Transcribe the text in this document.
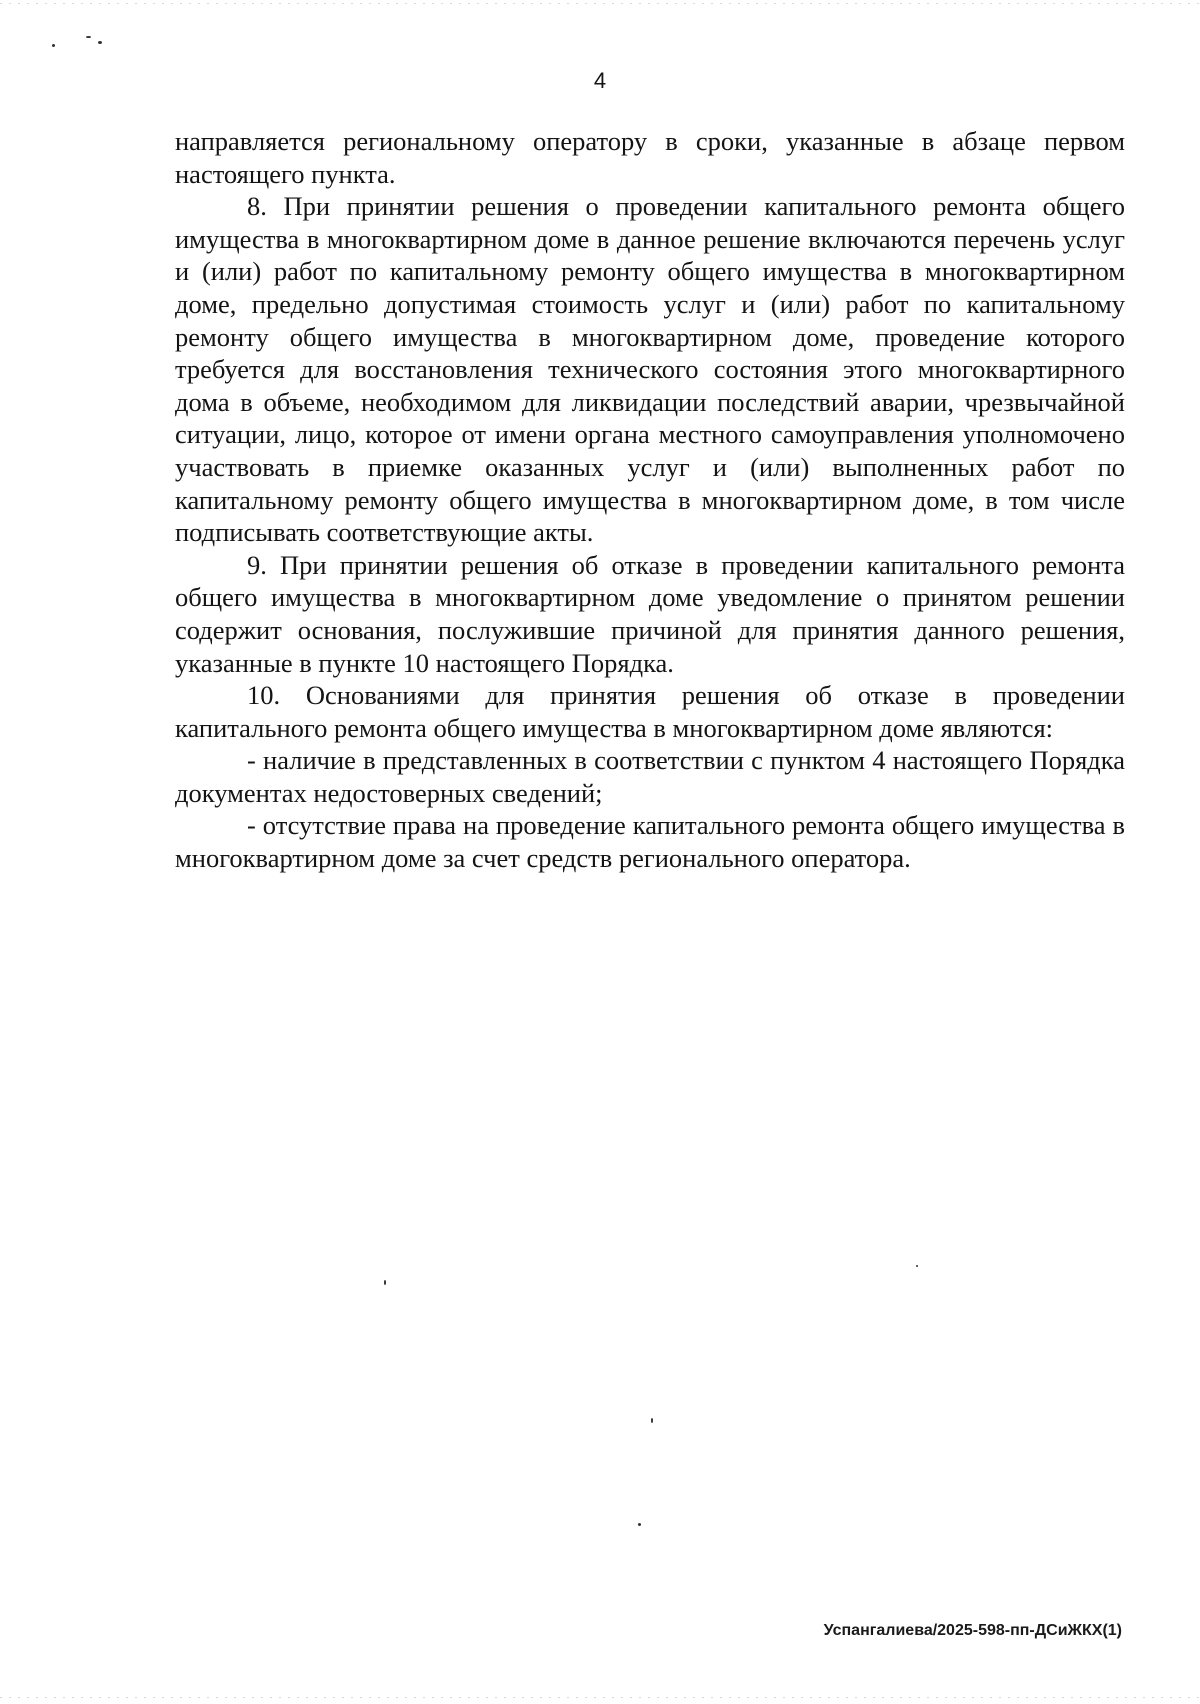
4

направляется региональному оператору в сроки, указанные в абзаце первом настоящего пункта.

8. При принятии решения о проведении капитального ремонта общего имущества в многоквартирном доме в данное решение включаются перечень услуг и (или) работ по капитальному ремонту общего имущества в многоквартирном доме, предельно допустимая стоимость услуг и (или) работ по капитальному ремонту общего имущества в многоквартирном доме, проведение которого требуется для восстановления технического состояния этого многоквартирного дома в объеме, необходимом для ликвидации последствий аварии, чрезвычайной ситуации, лицо, которое от имени органа местного самоуправления уполномочено участвовать в приемке оказанных услуг и (или) выполненных работ по капитальному ремонту общего имущества в многоквартирном доме, в том числе подписывать соответствующие акты.

9. При принятии решения об отказе в проведении капитального ремонта общего имущества в многоквартирном доме уведомление о принятом решении содержит основания, послужившие причиной для принятия данного решения, указанные в пункте 10 настоящего Порядка.

10. Основаниями для принятия решения об отказе в проведении капитального ремонта общего имущества в многоквартирном доме являются:

- наличие в представленных в соответствии с пунктом 4 настоящего Порядка документах недостоверных сведений;

- отсутствие права на проведение капитального ремонта общего имущества в многоквартирном доме за счет средств регионального оператора.

Успангалиева/2025-598-пп-ДСиЖКХ(1)
